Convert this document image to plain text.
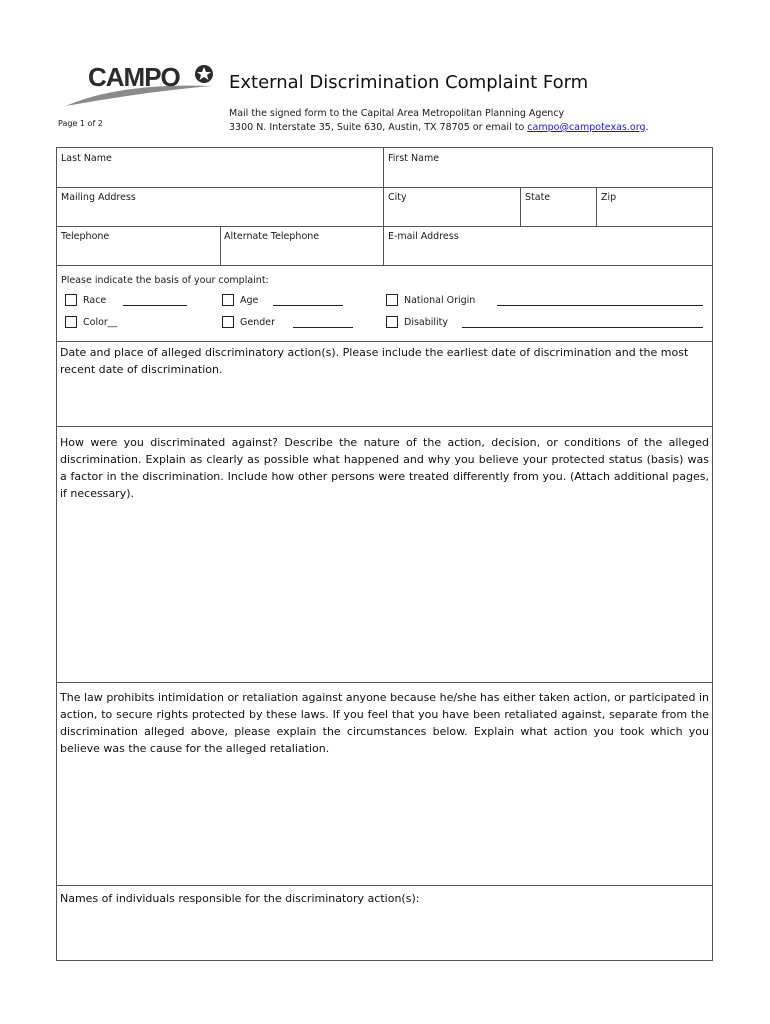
CAMPO
Page 1 of 2
External Discrimination Complaint Form
Mail the signed form to the Capital Area Metropolitan Planning Agency
3300 N. Interstate 35, Suite 630, Austin, TX 78705 or email to campo@campotexas.org.
Last Name	First Name
Mailing Address	City	State	Zip
Telephone	Alternate Telephone	E-mail Address
Please indicate the basis of your complaint:
Race	Age	National Origin
Color__	Gender	Disability
Date and place of alleged discriminatory action(s). Please include the earliest date of discrimination and the most recent date of discrimination.
How were you discriminated against? Describe the nature of the action, decision, or conditions of the alleged discrimination. Explain as clearly as possible what happened and why you believe your protected status (basis) was a factor in the discrimination. Include how other persons were treated differently from you. (Attach additional pages, if necessary).
The law prohibits intimidation or retaliation against anyone because he/she has either taken action, or participated in action, to secure rights protected by these laws. If you feel that you have been retaliated against, separate from the discrimination alleged above, please explain the circumstances below. Explain what action you took which you believe was the cause for the alleged retaliation.
Names of individuals responsible for the discriminatory action(s):
